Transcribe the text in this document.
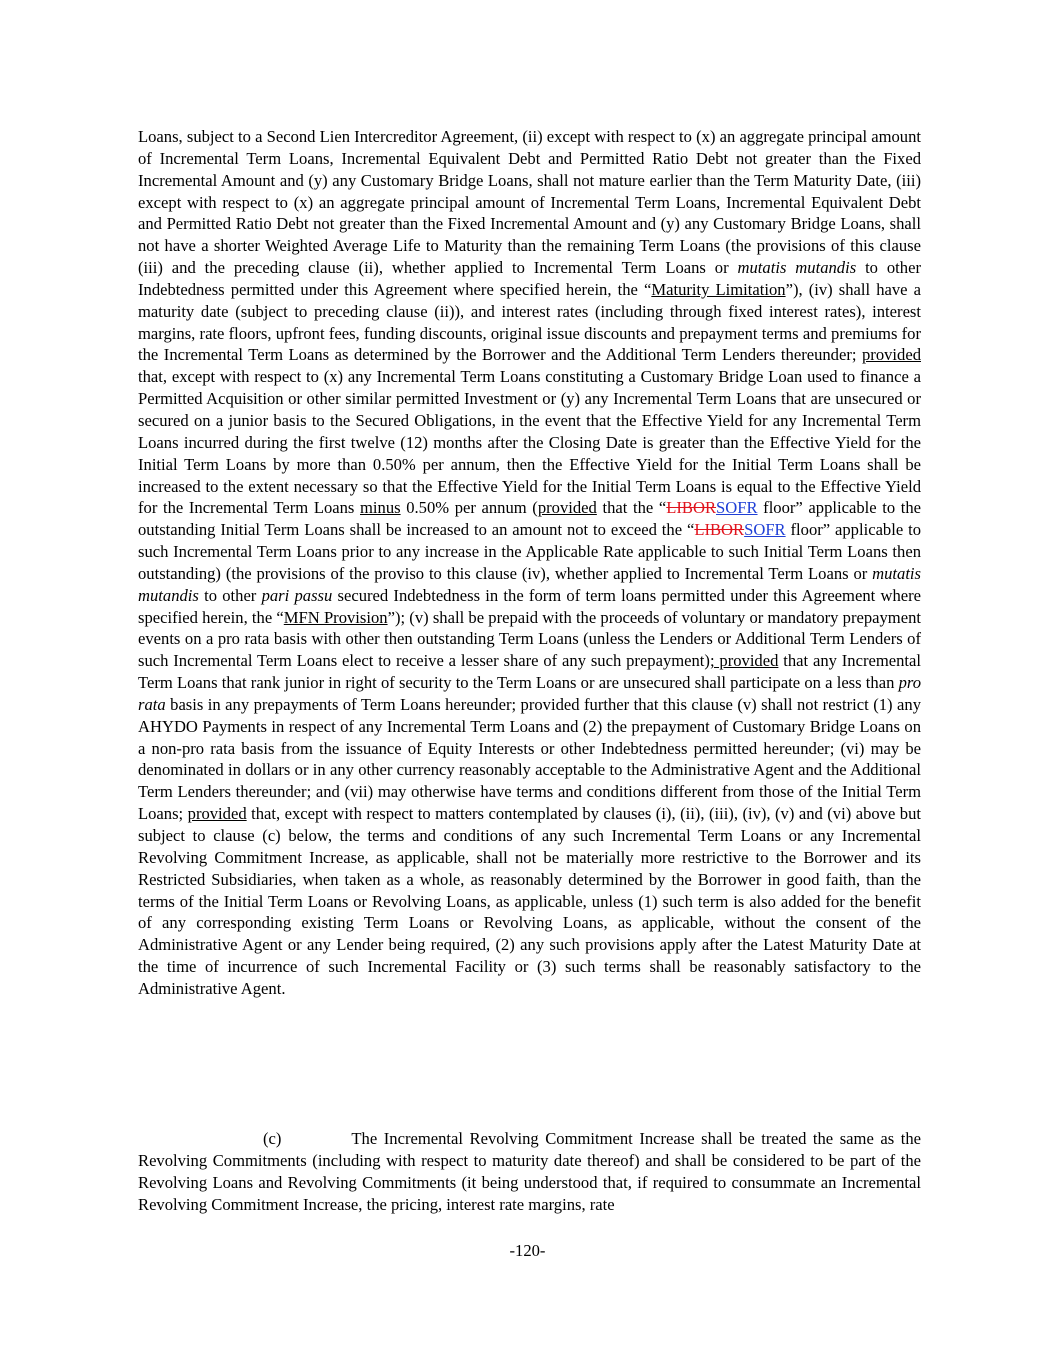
Loans, subject to a Second Lien Intercreditor Agreement, (ii) except with respect to (x) an aggregate principal amount of Incremental Term Loans, Incremental Equivalent Debt and Permitted Ratio Debt not greater than the Fixed Incremental Amount and (y) any Customary Bridge Loans, shall not mature earlier than the Term Maturity Date, (iii) except with respect to (x) an aggregate principal amount of Incremental Term Loans, Incremental Equivalent Debt and Permitted Ratio Debt not greater than the Fixed Incremental Amount and (y) any Customary Bridge Loans, shall not have a shorter Weighted Average Life to Maturity than the remaining Term Loans (the provisions of this clause (iii) and the preceding clause (ii), whether applied to Incremental Term Loans or mutatis mutandis to other Indebtedness permitted under this Agreement where specified herein, the “Maturity Limitation”), (iv) shall have a maturity date (subject to preceding clause (ii)), and interest rates (including through fixed interest rates), interest margins, rate floors, upfront fees, funding discounts, original issue discounts and prepayment terms and premiums for the Incremental Term Loans as determined by the Borrower and the Additional Term Lenders thereunder; provided that, except with respect to (x) any Incremental Term Loans constituting a Customary Bridge Loan used to finance a Permitted Acquisition or other similar permitted Investment or (y) any Incremental Term Loans that are unsecured or secured on a junior basis to the Secured Obligations, in the event that the Effective Yield for any Incremental Term Loans incurred during the first twelve (12) months after the Closing Date is greater than the Effective Yield for the Initial Term Loans by more than 0.50% per annum, then the Effective Yield for the Initial Term Loans shall be increased to the extent necessary so that the Effective Yield for the Initial Term Loans is equal to the Effective Yield for the Incremental Term Loans minus 0.50% per annum (provided that the “LIBORSOFR floor” applicable to the outstanding Initial Term Loans shall be increased to an amount not to exceed the “LIBORSOFR floor” applicable to such Incremental Term Loans prior to any increase in the Applicable Rate applicable to such Initial Term Loans then outstanding) (the provisions of the proviso to this clause (iv), whether applied to Incremental Term Loans or mutatis mutandis to other pari passu secured Indebtedness in the form of term loans permitted under this Agreement where specified herein, the “MFN Provision”); (v) shall be prepaid with the proceeds of voluntary or mandatory prepayment events on a pro rata basis with other then outstanding Term Loans (unless the Lenders or Additional Term Lenders of such Incremental Term Loans elect to receive a lesser share of any such prepayment); provided that any Incremental Term Loans that rank junior in right of security to the Term Loans or are unsecured shall participate on a less than pro rata basis in any prepayments of Term Loans hereunder; provided further that this clause (v) shall not restrict (1) any AHYDO Payments in respect of any Incremental Term Loans and (2) the prepayment of Customary Bridge Loans on a non-pro rata basis from the issuance of Equity Interests or other Indebtedness permitted hereunder; (vi) may be denominated in dollars or in any other currency reasonably acceptable to the Administrative Agent and the Additional Term Lenders thereunder; and (vii) may otherwise have terms and conditions different from those of the Initial Term Loans; provided that, except with respect to matters contemplated by clauses (i), (ii), (iii), (iv), (v) and (vi) above but subject to clause (c) below, the terms and conditions of any such Incremental Term Loans or any Incremental Revolving Commitment Increase, as applicable, shall not be materially more restrictive to the Borrower and its Restricted Subsidiaries, when taken as a whole, as reasonably determined by the Borrower in good faith, than the terms of the Initial Term Loans or Revolving Loans, as applicable, unless (1) such term is also added for the benefit of any corresponding existing Term Loans or Revolving Loans, as applicable, without the consent of the Administrative Agent or any Lender being required, (2) any such provisions apply after the Latest Maturity Date at the time of incurrence of such Incremental Facility or (3) such terms shall be reasonably satisfactory to the Administrative Agent.

(c)	The Incremental Revolving Commitment Increase shall be treated the same as the Revolving Commitments (including with respect to maturity date thereof) and shall be considered to be part of the Revolving Loans and Revolving Commitments (it being understood that, if required to consummate an Incremental Revolving Commitment Increase, the pricing, interest rate margins, rate

-120-
